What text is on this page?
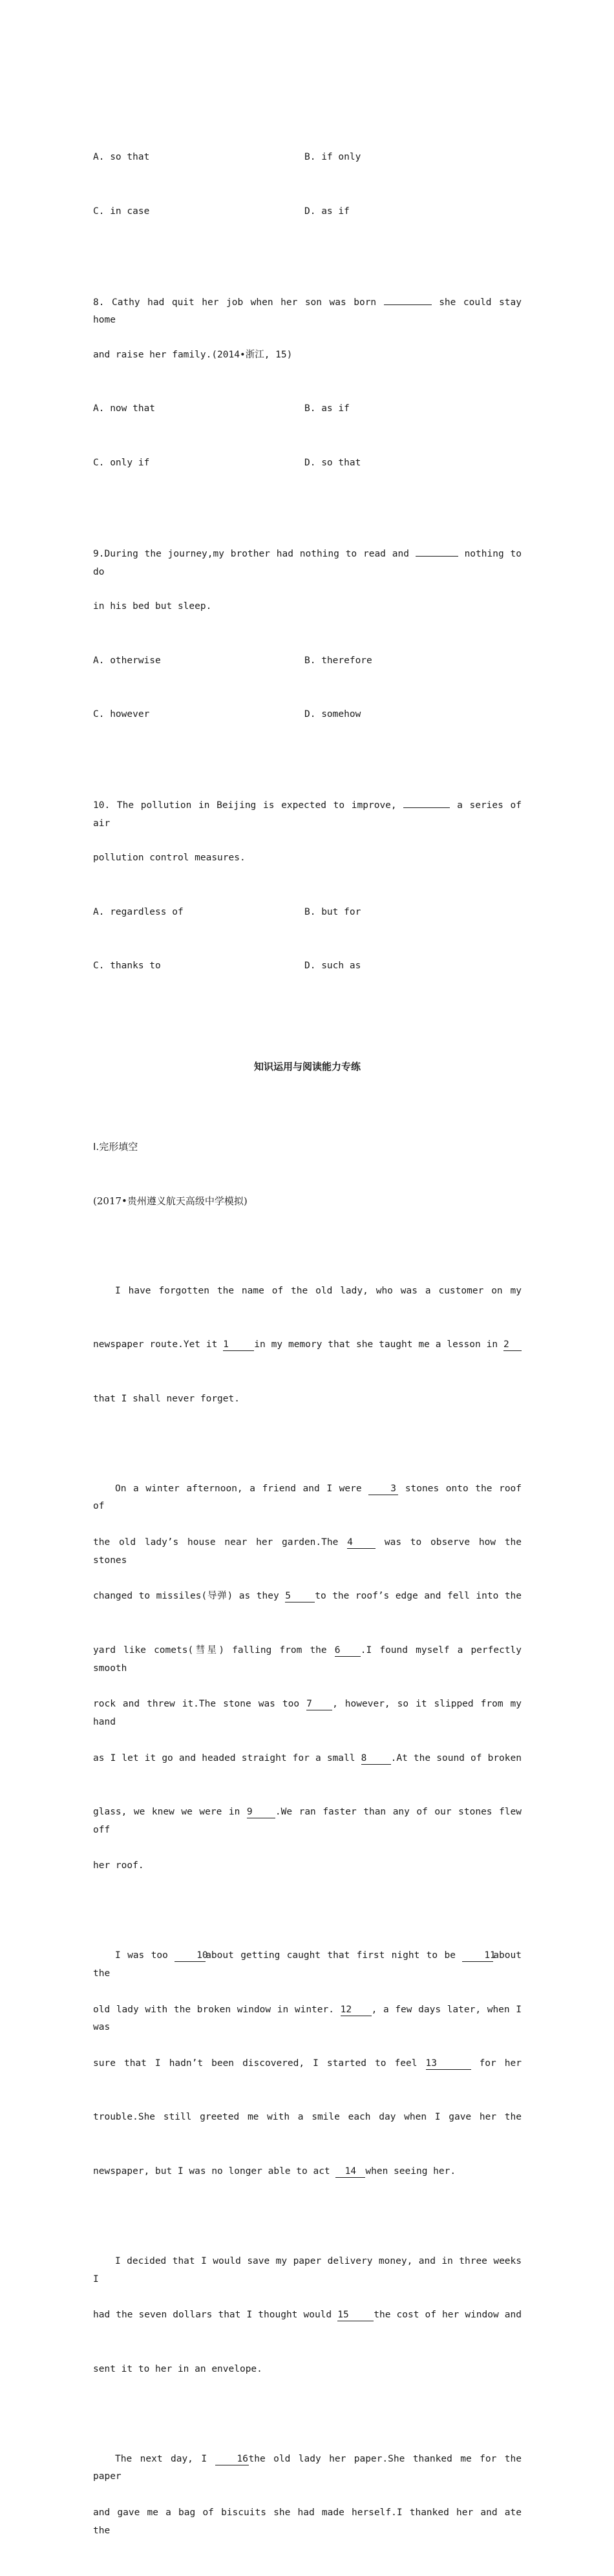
A. so that	B. if only

C. in case	D. as if

8. Cathy had quit her job when her son was born	she could stay home

and raise her family.(2014•浙江, 15)

A. now that	B. as if

C. only if	D. so that

9.During the journey,my brother had nothing to read and	nothing to do

in his bed but sleep.

A. otherwise	B. therefore

C. however	D. somehow

10. The pollution in Beijing is expected to improve,	a series of air

pollution control measures.

A. regardless of	B. but for

C. thanks to	D. such as

知识运用与阅读能力专练

Ⅰ.完形填空

(2017•贵州遵义航天高级中学模拟)

I have forgotten the name of the old lady, who was a customer on my

newspaper route.Yet it 1	in my memory that she taught me a lesson in 2

that I shall never forget.

On a winter afternoon, a friend and I were	3 stones onto the roof of

the old lady’s house near her garden.The 4	was to observe how the stones

changed to missiles(导弹) as they 5	to the roof’s edge and fell into the

yard like comets(彗星) falling from the 6 .I found myself a perfectly smooth

rock and threw it.The stone was too 7 , however, so it slipped from my hand

as I let it go and headed straight for a small 8	.At the sound of broken

glass, we knew we were in 9 .We ran faster than any of our stones flew off

her roof.

I was too	10about getting caught that first night to be	11about the

old lady with the broken window in winter. 12 , a few days later, when I was

sure that I hadn’t been discovered, I started to feel 13	for her

trouble.She still greeted me with a smile each day when I gave her the

newspaper, but I was no longer able to act 14 when seeing her.

I decided that I would save my paper delivery money, and in three weeks I

had the seven dollars that I thought would 15	the cost of her window and

sent it to her in an envelope.

The next day, I	16the old lady her paper.She thanked me for the paper

and gave me a bag of biscuits she had made herself.I thanked her and ate the
